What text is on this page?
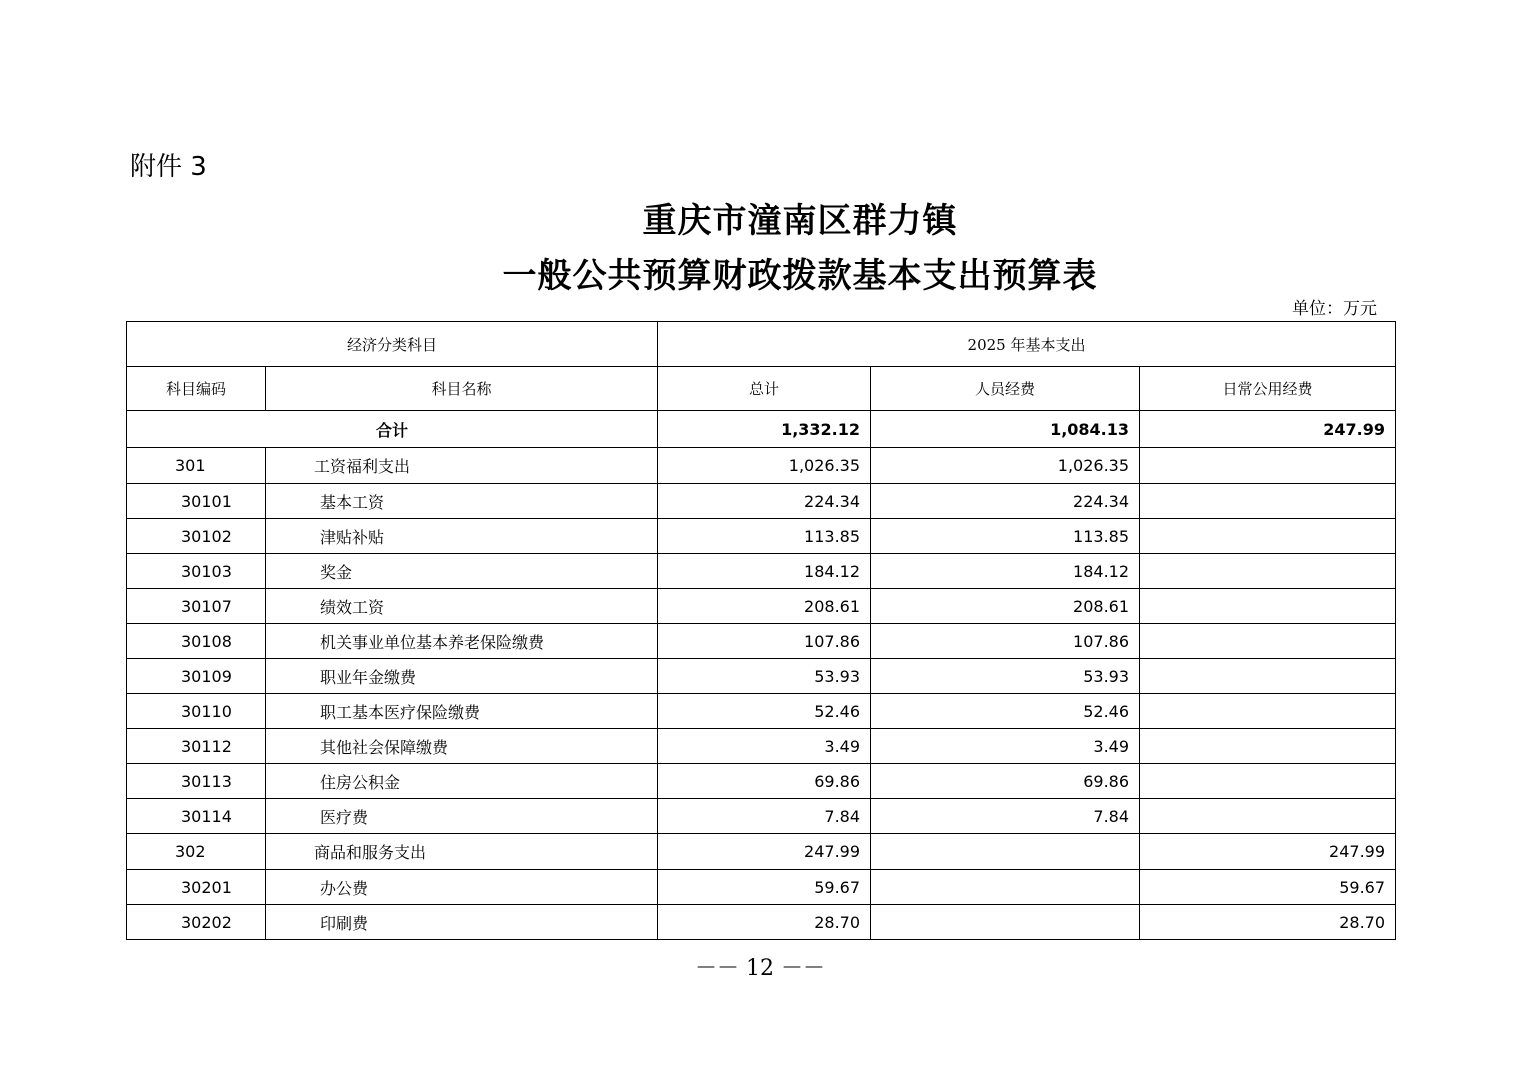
附件 3
重庆市潼南区群力镇
一般公共预算财政拨款基本支出预算表
单位：万元
经济分类科目		2025 年基本支出		
科目编码	科目名称	总计	人员经费	日常公用经费
合计		1,332.12	1,084.13	247.99
301	工资福利支出	1,026.35	1,026.35	
30101	基本工资	224.34	224.34	
30102	津贴补贴	113.85	113.85	
30103	奖金	184.12	184.12	
30107	绩效工资	208.61	208.61	
30108	机关事业单位基本养老保险缴费	107.86	107.86	
30109	职业年金缴费	53.93	53.93	
30110	职工基本医疗保险缴费	52.46	52.46	
30112	其他社会保障缴费	3.49	3.49	
30113	住房公积金	69.86	69.86	
30114	医疗费	7.84	7.84	
302	商品和服务支出	247.99		247.99
30201	办公费	59.67		59.67
30202	印刷费	28.70		28.70
－－ 12 －－
